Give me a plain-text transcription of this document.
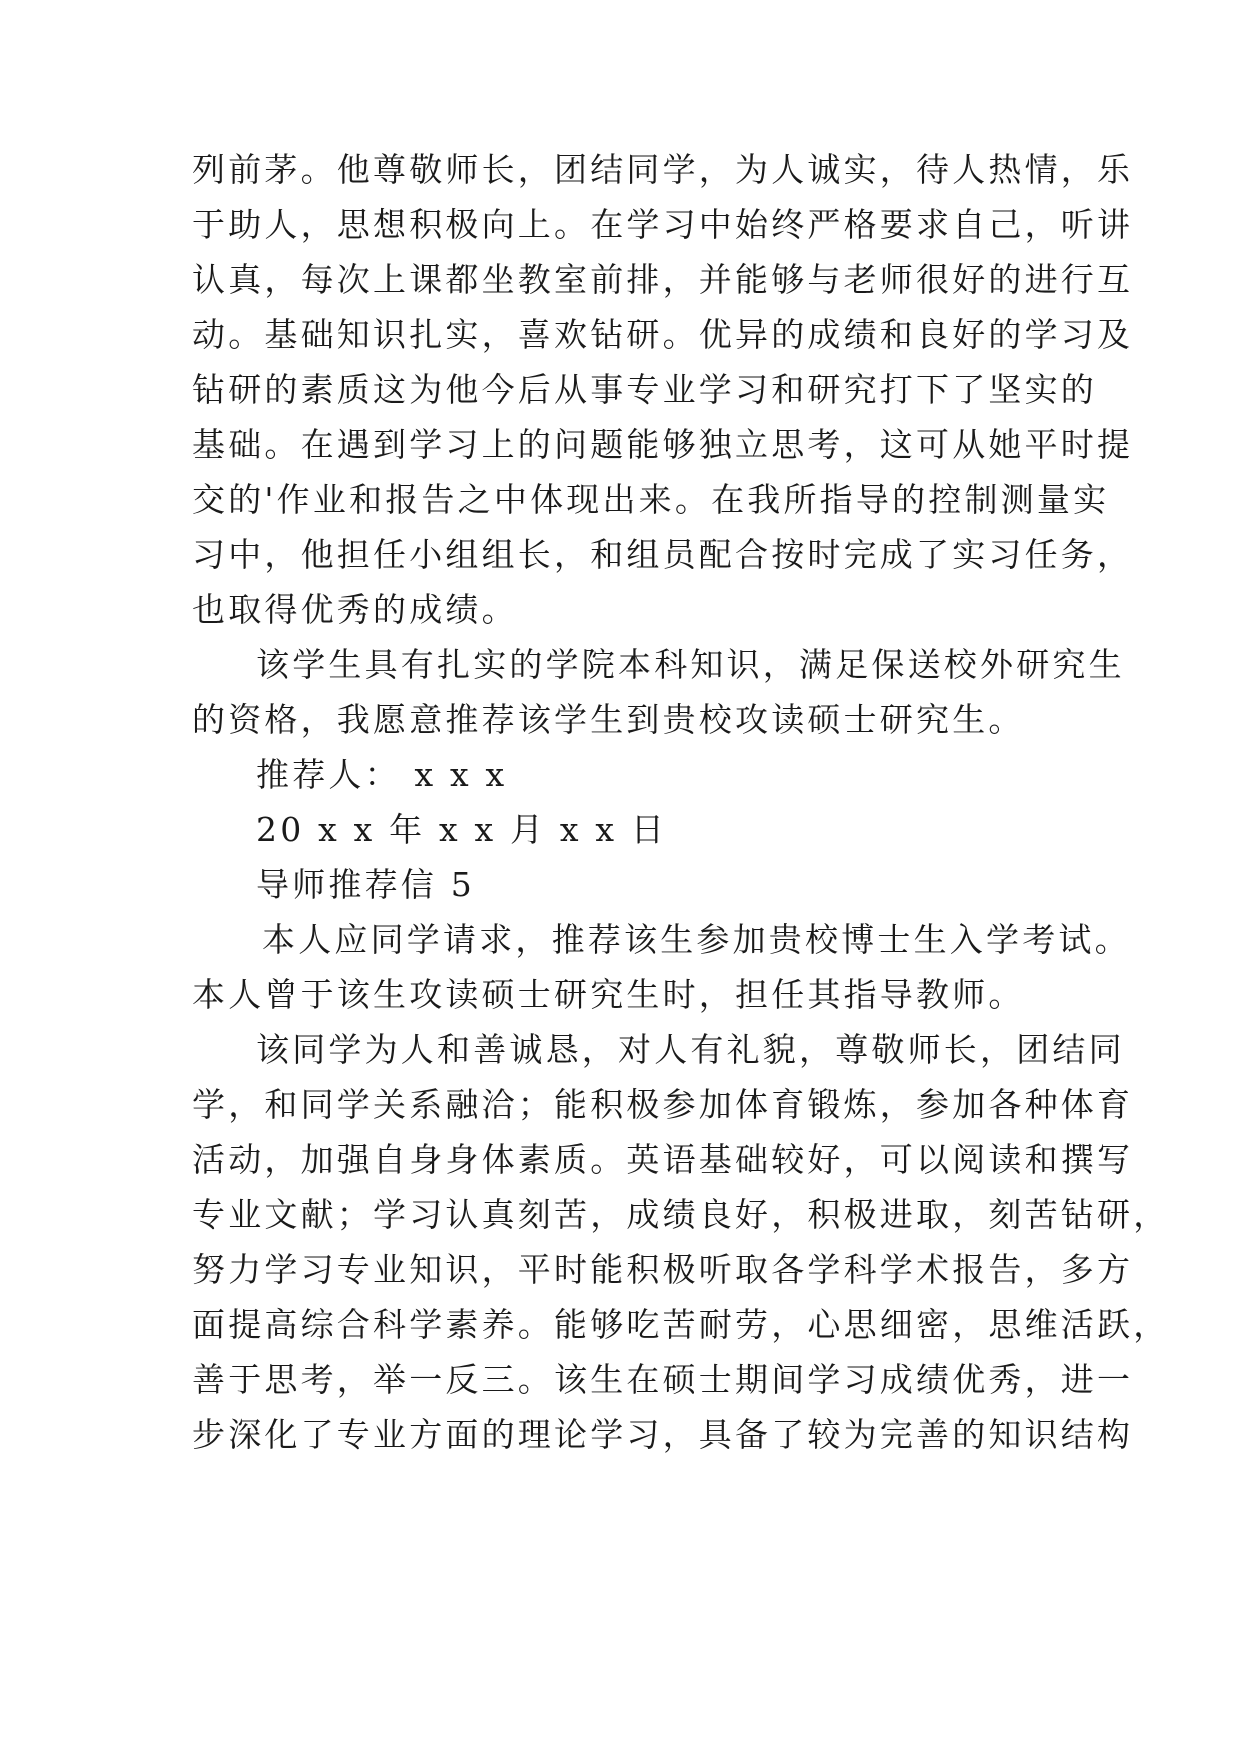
列前茅。他尊敬师长，团结同学，为人诚实，待人热情，乐
于助人，思想积极向上。在学习中始终严格要求自己，听讲
认真，每次上课都坐教室前排，并能够与老师很好的进行互
动。基础知识扎实，喜欢钻研。优异的成绩和良好的学习及
钻研的素质这为他今后从事专业学习和研究打下了坚实的
基础。在遇到学习上的问题能够独立思考，这可从她平时提
交的'作业和报告之中体现出来。在我所指导的控制测量实
习中，他担任小组组长，和组员配合按时完成了实习任务，
也取得优秀的成绩。
该学生具有扎实的学院本科知识，满足保送校外研究生
的资格，我愿意推荐该学生到贵校攻读硕士研究生。
推荐人： x x x
20 x x 年 x x 月 x x 日
导师推荐信 5
本人应同学请求，推荐该生参加贵校博士生入学考试。
本人曾于该生攻读硕士研究生时，担任其指导教师。
该同学为人和善诚恳，对人有礼貌，尊敬师长，团结同
学，和同学关系融洽；能积极参加体育锻炼，参加各种体育
活动，加强自身身体素质。英语基础较好，可以阅读和撰写
专业文献；学习认真刻苦，成绩良好，积极进取，刻苦钻研，
努力学习专业知识，平时能积极听取各学科学术报告，多方
面提高综合科学素养。能够吃苦耐劳，心思细密，思维活跃，
善于思考，举一反三。该生在硕士期间学习成绩优秀，进一
步深化了专业方面的理论学习，具备了较为完善的知识结构
